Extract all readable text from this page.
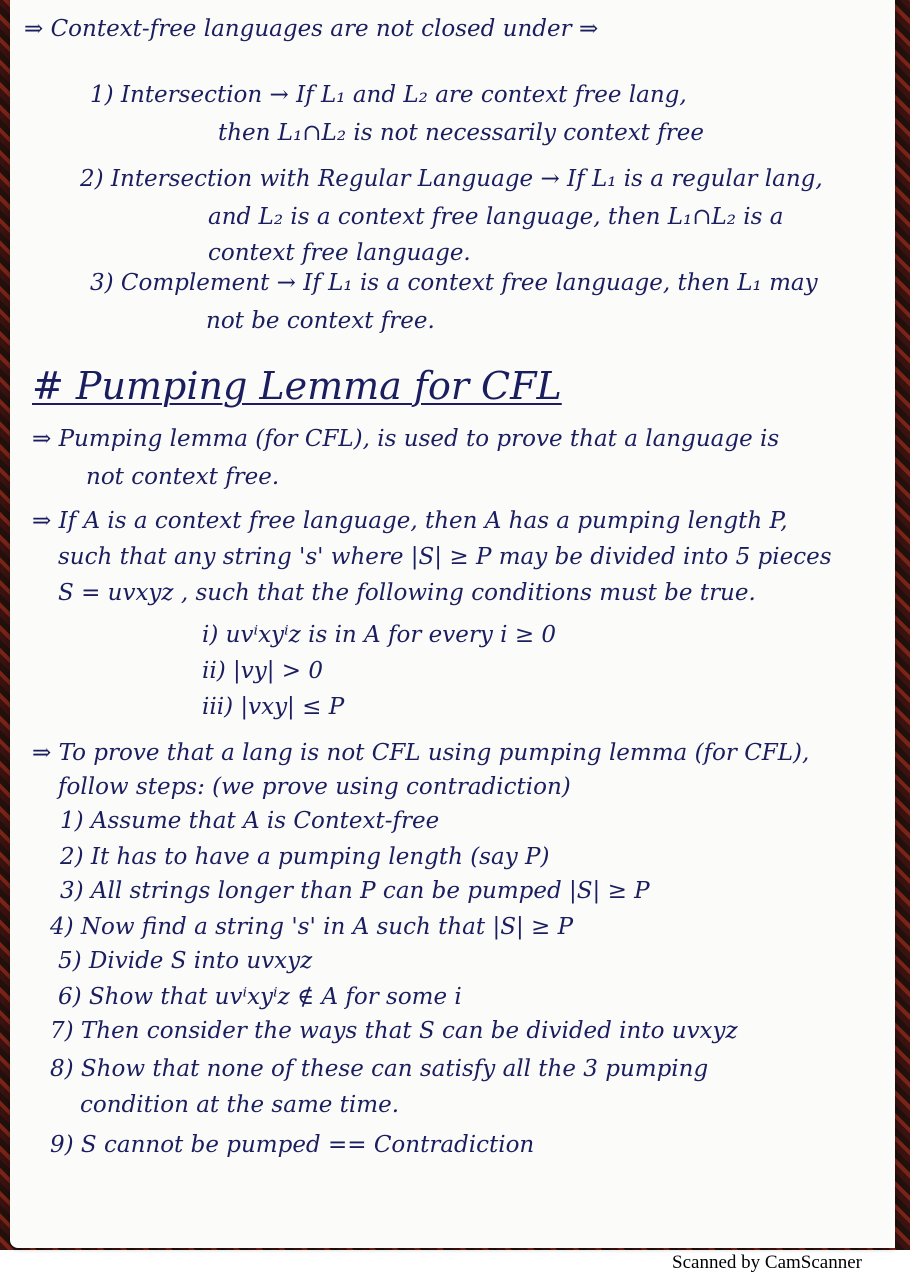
⇒ Context-free languages are not closed under ⇒
1) Intersection → If L₁ and L₂ are context free lang,
then L₁∩L₂ is not necessarily context free
2) Intersection with Regular Language → If L₁ is a regular lang,
and L₂ is a context free language, then L₁∩L₂ is a
context free language.
3) Complement → If L₁ is a context free language, then L₁ may
not be context free.
# Pumping Lemma for CFL
⇒ Pumping lemma (for CFL), is used to prove that a language is
not context free.
⇒ If A is a context free language, then A has a pumping length P,
such that any string 's' where |S| ≥ P may be divided into 5 pieces
S = uvxyz , such that the following conditions must be true.
i) uvⁱxyⁱz is in A for every i ≥ 0
ii) |vy| > 0
iii) |vxy| ≤ P
⇒ To prove that a lang is not CFL using pumping lemma (for CFL),
follow steps: (we prove using contradiction)
1) Assume that A is Context-free
2) It has to have a pumping length (say P)
3) All strings longer than P can be pumped |S| ≥ P
4) Now find a string 's' in A such that |S| ≥ P
5) Divide S into uvxyz
6) Show that uvⁱxyⁱz ∉ A for some i
7) Then consider the ways that S can be divided into uvxyz
8) Show that none of these can satisfy all the 3 pumping
condition at the same time.
9) S cannot be pumped == Contradiction
Scanned by CamScanner
